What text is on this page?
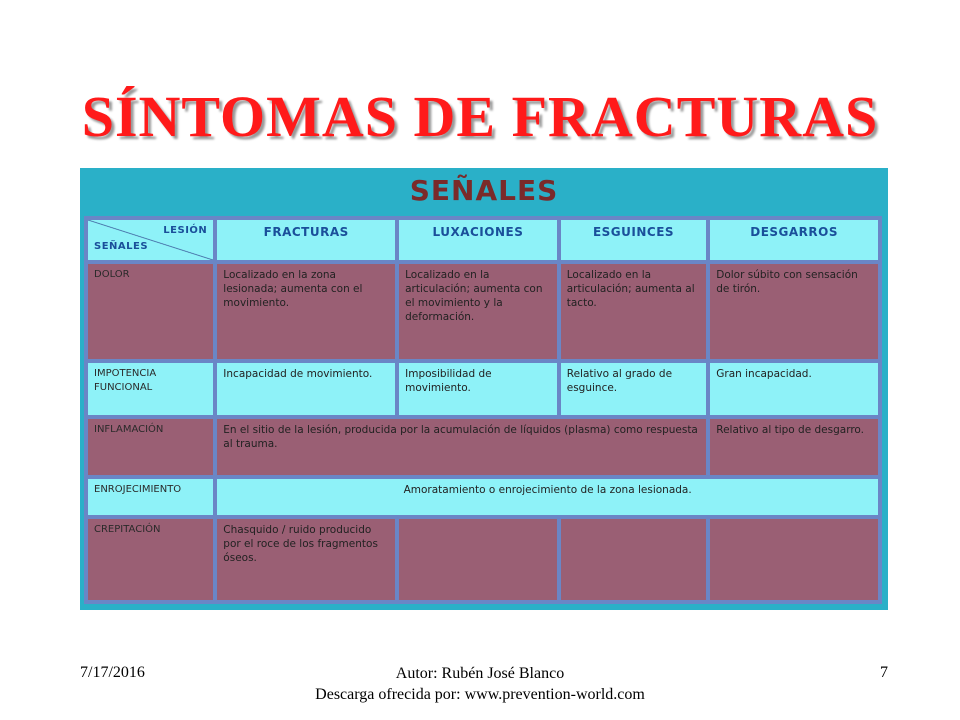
SÍNTOMAS DE FRACTURAS
SEÑALES
LESIÓN
SEÑALES	FRACTURAS	LUXACIONES	ESGUINCES	DESGARROS
DOLOR	Localizado en la zona lesionada; aumenta con el movimiento.	Localizado en la articulación; aumenta con el movimiento y la deformación.	Localizado en la articulación; aumenta al tacto.	Dolor súbito con sensación de tirón.
IMPOTENCIA FUNCIONAL	Incapacidad de movimiento.	Imposibilidad de movimiento.	Relativo al grado de esguince.	Gran incapacidad.
INFLAMACIÓN	En el sitio de la lesión, producida por la acumulación de líquidos (plasma) como respuesta al trauma.			Relativo al tipo de desgarro.
ENROJECIMIENTO	Amoratamiento o enrojecimiento de la zona lesionada.			
CREPITACIÓN	Chasquido / ruido producido por el roce de los fragmentos óseos.			
7/17/2016	Autor: Rubén José Blanco
Descarga ofrecida por: www.prevention-world.com
7
